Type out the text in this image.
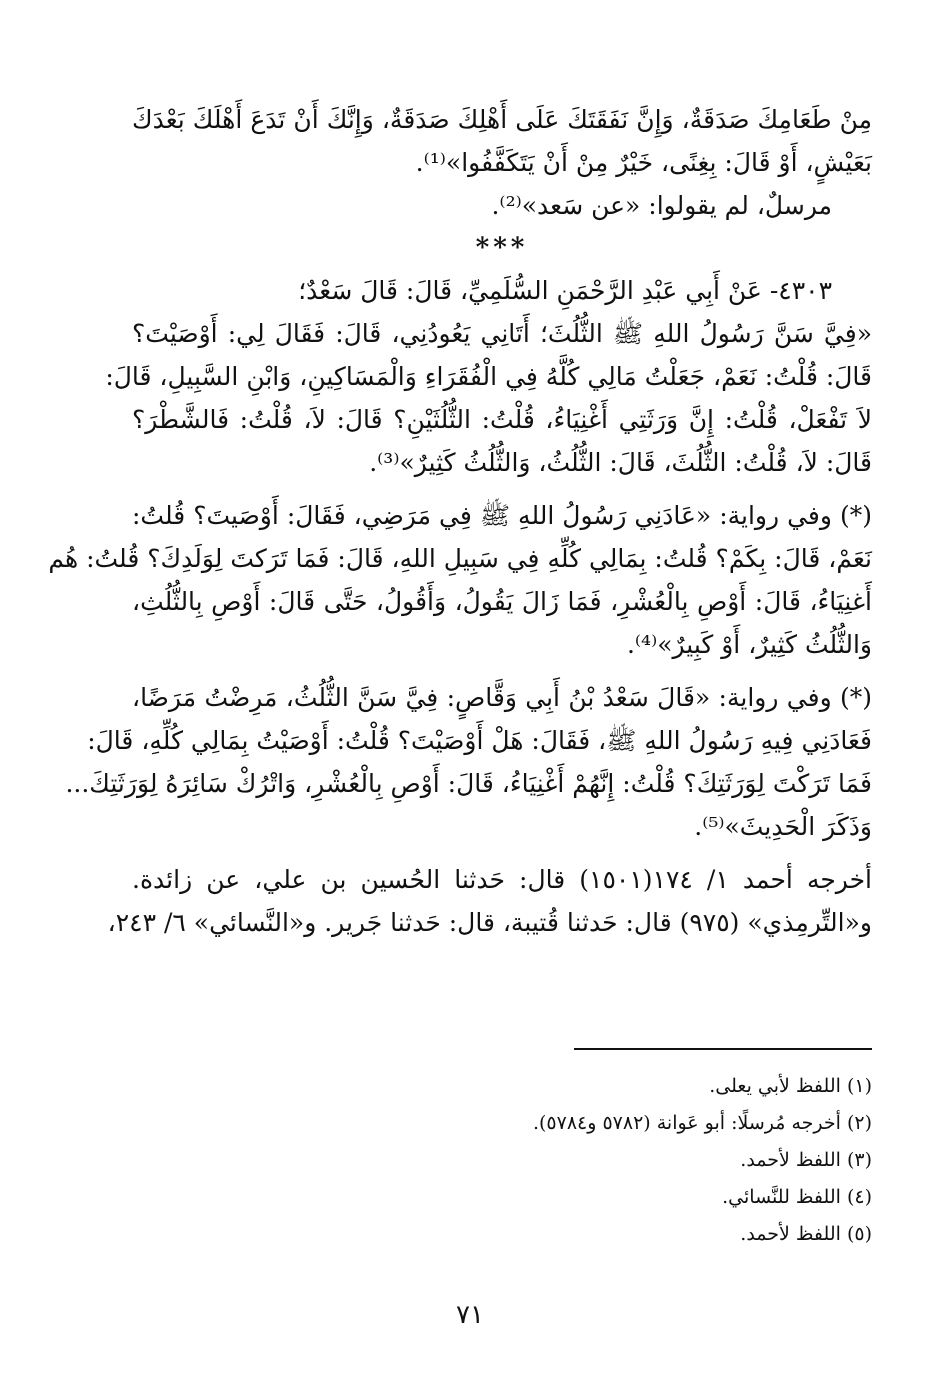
مِنْ طَعَامِكَ صَدَقَةٌ، وَإِنَّ نَفَقَتَكَ عَلَى أَهْلِكَ صَدَقَةٌ، وَإِنَّكَ أَنْ تَدَعَ أَهْلَكَ بَعْدَكَ
بَعَيْشٍ، أَوْ قَالَ: بِغِنًى، خَيْرٌ مِنْ أَنْ يَتَكَفَّفُوا»⁽¹⁾.
مرسلٌ، لم يقولوا: «عن سَعد»⁽²⁾.
***
٤٣٠٣- عَنْ أَبِي عَبْدِ الرَّحْمَنِ السُّلَمِيِّ، قَالَ: قَالَ سَعْدٌ؛
«فِيَّ سَنَّ رَسُولُ اللهِ ﷺ الثُّلُثَ؛ أَتَانِي يَعُودُنِي، قَالَ: فَقَالَ لِي: أَوْصَيْتَ؟
قَالَ: قُلْتُ: نَعَمْ، جَعَلْتُ مَالِي كُلَّهُ فِي الْفُقَرَاءِ وَالْمَسَاكِينِ، وَابْنِ السَّبِيلِ، قَالَ:
لاَ تَفْعَلْ، قُلْتُ: إِنَّ وَرَثَتِي أَغْنِيَاءُ، قُلْتُ: الثُّلُثَيْنِ؟ قَالَ: لاَ، قُلْتُ: فَالشَّطْرَ؟
قَالَ: لاَ، قُلْتُ: الثُّلُثَ، قَالَ: الثُّلُثُ، وَالثُّلُثُ كَثِيرٌ»⁽³⁾.
(*) وفي رواية: «عَادَنِي رَسُولُ اللهِ ﷺ فِي مَرَضِي، فَقَالَ: أَوْصَيتَ؟ قُلتُ:
نَعَمْ، قَالَ: بِكَمْ؟ قُلتُ: بِمَالِي كُلِّهِ فِي سَبِيلِ اللهِ، قَالَ: فَمَا تَرَكتَ لِوَلَدِكَ؟ قُلتُ: هُم
أَغنِيَاءُ، قَالَ: أَوْصِ بِالْعُشْرِ، فَمَا زَالَ يَقُولُ، وَأَقُولُ، حَتَّى قَالَ: أَوْصِ بِالثُّلُثِ،
وَالثُّلُثُ كَثِيرٌ، أَوْ كَبِيرٌ»⁽⁴⁾.
(*) وفي رواية: «قَالَ سَعْدُ بْنُ أَبِي وَقَّاصٍ: فِيَّ سَنَّ الثُّلُثُ، مَرِضْتُ مَرَضًا،
فَعَادَنِي فِيهِ رَسُولُ اللهِ ﷺ، فَقَالَ: هَلْ أَوْصَيْتَ؟ قُلْتُ: أَوْصَيْتُ بِمَالِي كُلِّهِ، قَالَ:
فَمَا تَرَكْتَ لِوَرَثَتِكَ؟ قُلْتُ: إِنَّهُمْ أَغْنِيَاءُ، قَالَ: أَوْصِ بِالْعُشْرِ، وَاتْرُكْ سَائِرَهُ لِوَرَثَتِكَ...
وَذَكَرَ الْحَدِيثَ»⁽⁵⁾.
أخرجه أحمد ١/ ١٧٤(١٥٠١) قال: حَدثنا الحُسين بن علي، عن زائدة.
و«التِّرمِذي» (٩٧٥) قال: حَدثنا قُتيبة، قال: حَدثنا جَرير. و«النَّسائي» ٦/ ٢٤٣،
(١) اللفظ لأبي يعلى.
(٢) أخرجه مُرسلًا: أبو عَوانة (٥٧٨٢ و٥٧٨٤).
(٣) اللفظ لأحمد.
(٤) اللفظ للنَّسائي.
(٥) اللفظ لأحمد.
٧١
